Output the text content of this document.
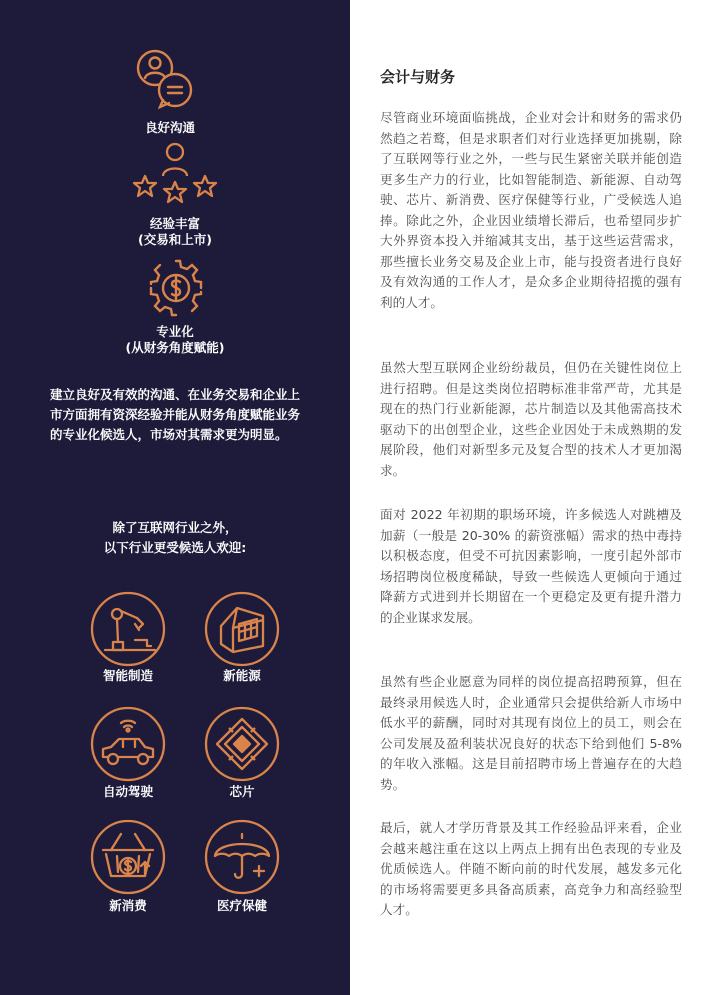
良好沟通
经验丰富
(交易和上市)
专业化
(从财务角度赋能)
建立良好及有效的沟通、在业务交易和企业上市方面拥有资深经验并能从财务角度赋能业务的专业化候选人，市场对其需求更为明显。
除了互联网行业之外，
以下行业更受候选人欢迎:
智能制造	新能源
自动驾驶	芯片
新消费	医疗保健
会计与财务
尽管商业环境面临挑战，企业对会计和财务的需求仍然趋之若鹜，但是求职者们对行业选择更加挑剔，除了互联网等行业之外，一些与民生紧密关联并能创造更多生产力的行业，比如智能制造、新能源、自动驾驶、芯片、新消费、医疗保健等行业，广受候选人追捧。除此之外，企业因业绩增长滞后，也希望同步扩大外界资本投入并缩减其支出，基于这些运营需求，那些擅长业务交易及企业上市，能与投资者进行良好及有效沟通的工作人才，是众多企业期待招揽的强有利的人才。
虽然大型互联网企业纷纷裁员，但仍在关键性岗位上进行招聘。但是这类岗位招聘标准非常严苛，尤其是现在的热门行业新能源，芯片制造以及其他需高技术驱动下的出创型企业，这些企业因处于未成熟期的发展阶段，他们对新型多元及复合型的技术人才更加渴求。
面对 2022 年初期的职场环境，许多候选人对跳槽及加薪（一般是 20-30% 的薪资涨幅）需求的热中毒持以积极态度，但受不可抗因素影响，一度引起外部市场招聘岗位极度稀缺，导致一些候选人更倾向于通过降薪方式进到并长期留在一个更稳定及更有提升潜力的企业谋求发展。
虽然有些企业愿意为同样的岗位提高招聘预算，但在最终录用候选人时，企业通常只会提供给新人市场中低水平的薪酬，同时对其现有岗位上的员工，则会在公司发展及盈利装状况良好的状态下给到他们 5-8% 的年收入涨幅。这是目前招聘市场上普遍存在的大趋势。
最后，就人才学历背景及其工作经验品评来看，企业会越来越注重在这以上两点上拥有出色表现的专业及优质候选人。伴随不断向前的时代发展，越发多元化的市场将需要更多具备高质素，高竞争力和高经验型人才。
